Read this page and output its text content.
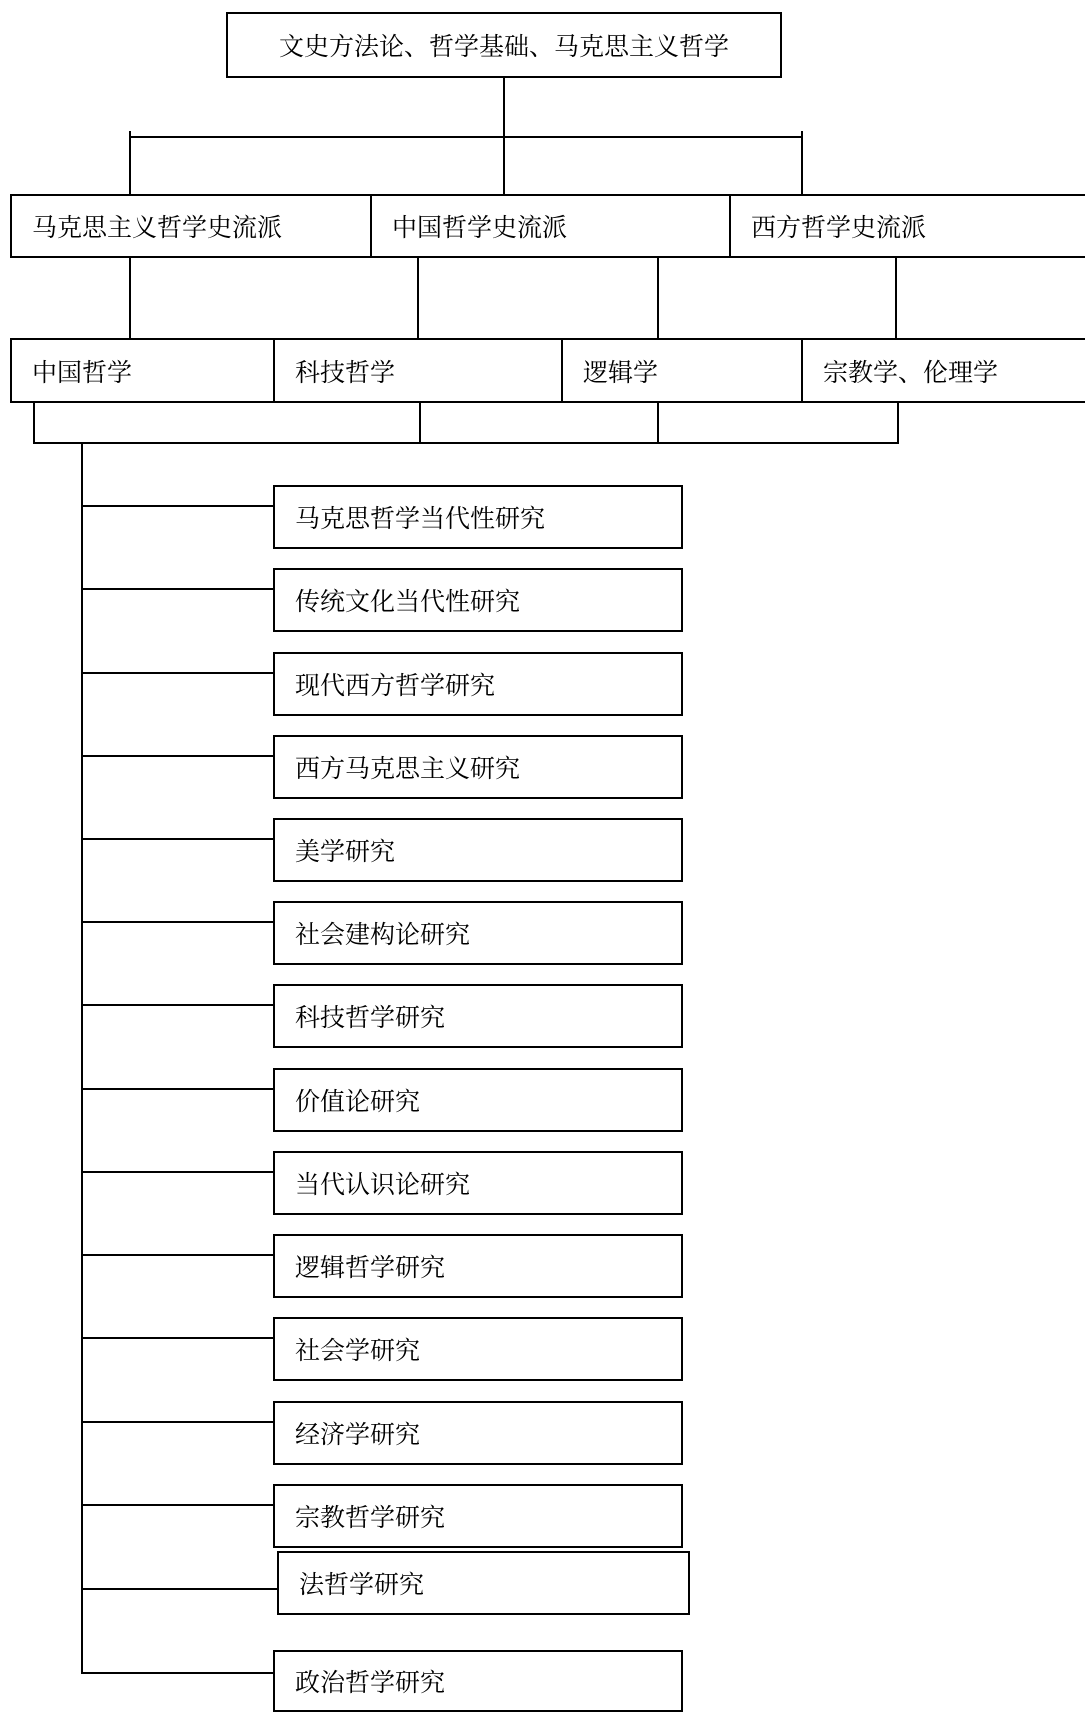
文史方法论、哲学基础、马克思主义哲学
马克思主义哲学史流派	中国哲学史流派	西方哲学史流派
中国哲学	科技哲学	逻辑学	宗教学、伦理学
马克思哲学当代性研究
传统文化当代性研究
现代西方哲学研究
西方马克思主义研究
美学研究
社会建构论研究
科技哲学研究
价值论研究
当代认识论研究
逻辑哲学研究
社会学研究
经济学研究
宗教哲学研究
法哲学研究
政治哲学研究
